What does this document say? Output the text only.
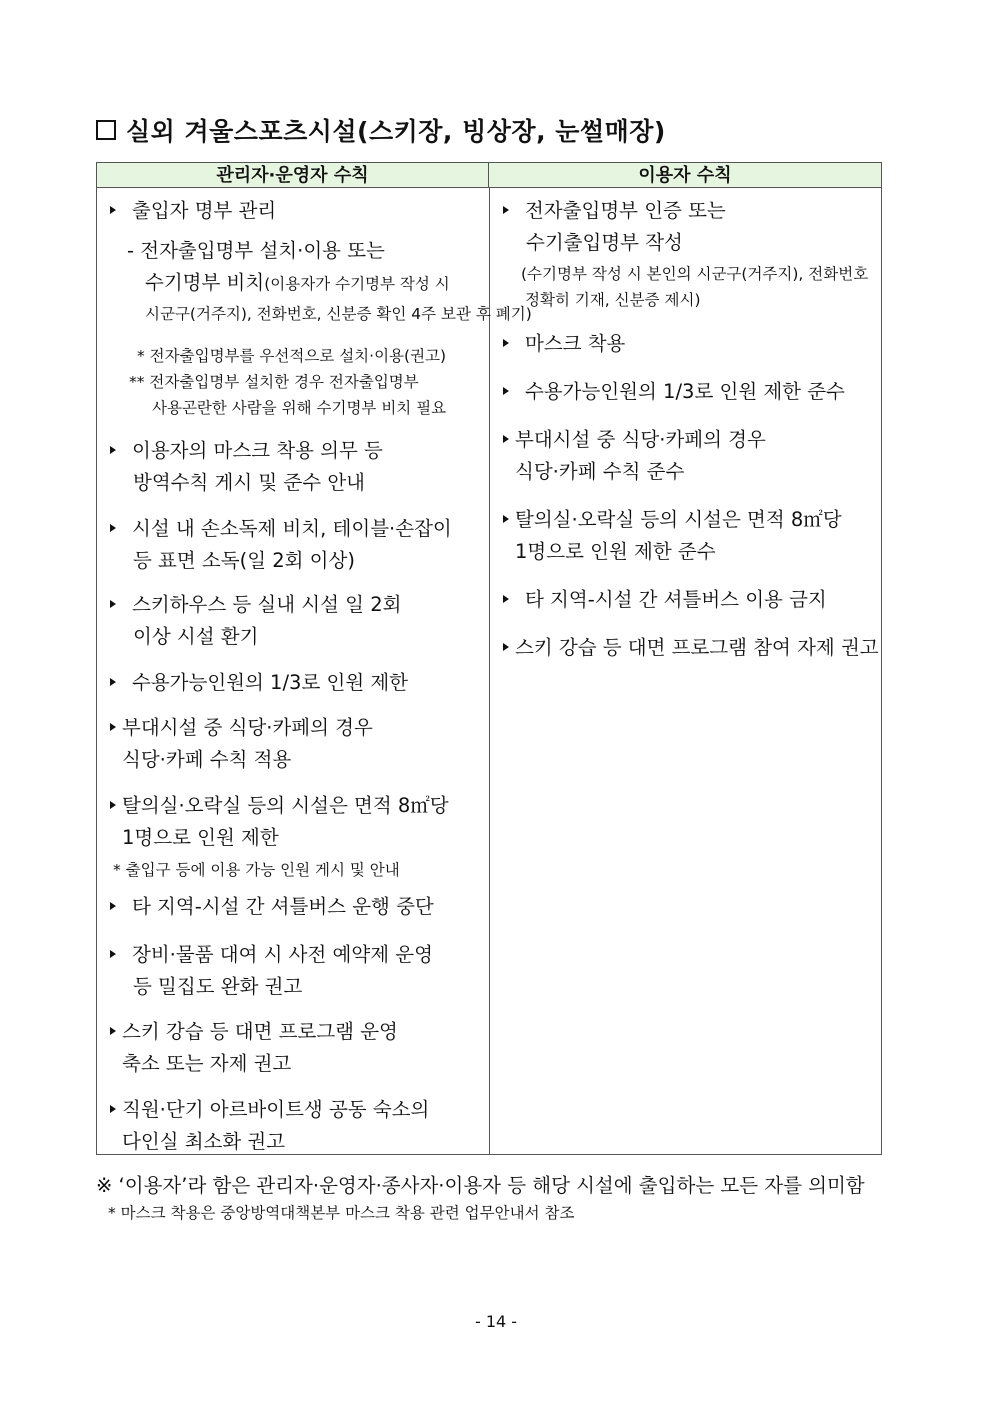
실외 겨울스포츠시설(스키장, 빙상장, 눈썰매장)
관리자·운영자 수칙	이용자 수칙
출입자 명부 관리
- 전자출입명부 설치·이용 또는
수기명부 비치(이용자가 수기명부 작성 시
시군구(거주지), 전화번호, 신분증 확인 4주 보관 후 폐기)
* 전자출입명부를 우선적으로 설치·이용(권고)
** 전자출입명부 설치한 경우 전자출입명부
사용곤란한 사람을 위해 수기명부 비치 필요
이용자의 마스크 착용 의무 등
방역수칙 게시 및 준수 안내
시설 내 손소독제 비치, 테이블·손잡이
등 표면 소독(일 2회 이상)
스키하우스 등 실내 시설 일 2회
이상 시설 환기
수용가능인원의 1/3로 인원 제한
부대시설 중 식당·카페의 경우
식당·카페 수칙 적용
탈의실·오락실 등의 시설은 면적 8㎡당
1명으로 인원 제한
* 출입구 등에 이용 가능 인원 게시 및 안내
타 지역-시설 간 셔틀버스 운행 중단
장비·물품 대여 시 사전 예약제 운영
등 밀집도 완화 권고
스키 강습 등 대면 프로그램 운영
축소 또는 자제 권고
직원·단기 아르바이트생 공동 숙소의
다인실 최소화 권고
전자출입명부 인증 또는
수기출입명부 작성
(수기명부 작성 시 본인의 시군구(거주지), 전화번호
정확히 기재, 신분증 제시)
마스크 착용
수용가능인원의 1/3로 인원 제한 준수
부대시설 중 식당·카페의 경우
식당·카페 수칙 준수
탈의실·오락실 등의 시설은 면적 8㎡당
1명으로 인원 제한 준수
타 지역-시설 간 셔틀버스 이용 금지
스키 강습 등 대면 프로그램 참여 자제 권고
※ ‘이용자’라 함은 관리자·운영자·종사자·이용자 등 해당 시설에 출입하는 모든 자를 의미함
* 마스크 착용은 중앙방역대책본부 마스크 착용 관련 업무안내서 참조
- 14 -
